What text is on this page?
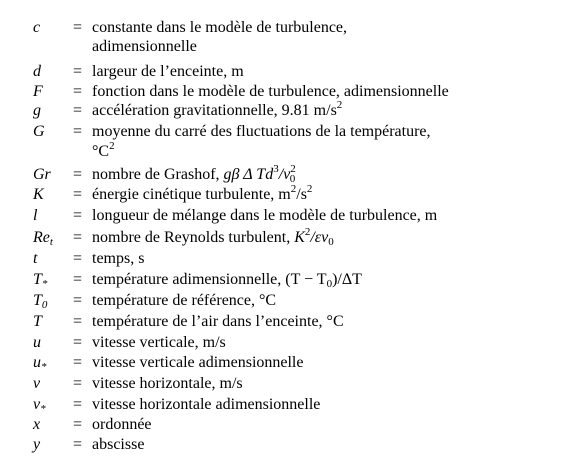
c = constante dans le modèle de turbulence,
adimensionnelle
d = largeur de l’enceinte, m
F = fonction dans le modèle de turbulence, adimensionnelle
g = accélération gravitationnelle, 9.81 $m/s^2$
G = moyenne du carré des fluctuations de la température,
$^\circ C^2$
Gr = nombre de Grashof, gβ Δ $Td^3/\nu^2_0$
K = énergie cinétique turbulente, $m^2/s^2$
l = longueur de mélange dans le modèle de turbulence, m
$Re_t$ = nombre de Reynolds turbulent, $K^2/\varepsilon\nu_0$
t = temps, s
$T_*$ = température adimensionnelle, $(T - T_0)/\Delta T$
$T_0$ = température de référence, °C
T = température de l’air dans l’enceinte, °C
u = vitesse verticale, m/s
$u_*$ = vitesse verticale adimensionnelle
v = vitesse horizontale, m/s
$v_*$ = vitesse horizontale adimensionnelle
x = ordonnée
y = abscisse
